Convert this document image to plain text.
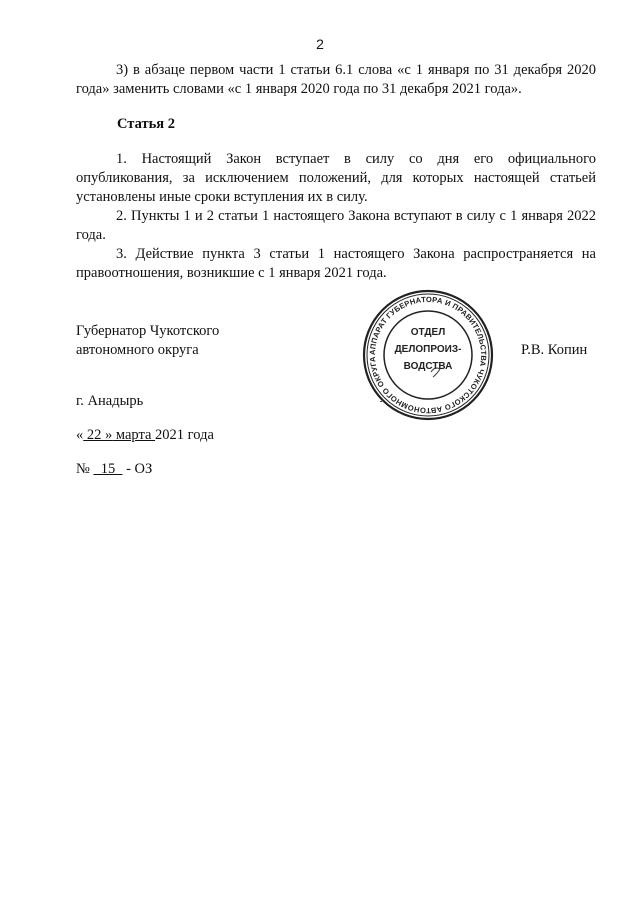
2
3) в абзаце первом части 1 статьи 6.1 слова «с 1 января по 31 декабря 2020 года» заменить словами «с 1 января 2020 года по 31 декабря 2021 года».
Статья 2
1. Настоящий Закон вступает в силу со дня его официального опубликования, за исключением положений, для которых настоящей статьей установлены иные сроки вступления их в силу.
2. Пункты 1 и 2 статьи 1 настоящего Закона вступают в силу с 1 января 2022 года.
3. Действие пункта 3 статьи 1 настоящего Закона распространяется на правоотношения, возникшие с 1 января 2021 года.
Губернатор Чукотского
автономного округа	Р.В. Копин
АППАРАТ ГУБЕРНАТОРА И ПРАВИТЕЛЬСТВА ЧУКОТСКОГО АВТОНОМНОГО ОКРУГА
ОТДЕЛ
ДЕЛОПРОИЗ-
ВОДСТВА
г. Анадырь
« 22 » марта 2021 года
№   15   - ОЗ
